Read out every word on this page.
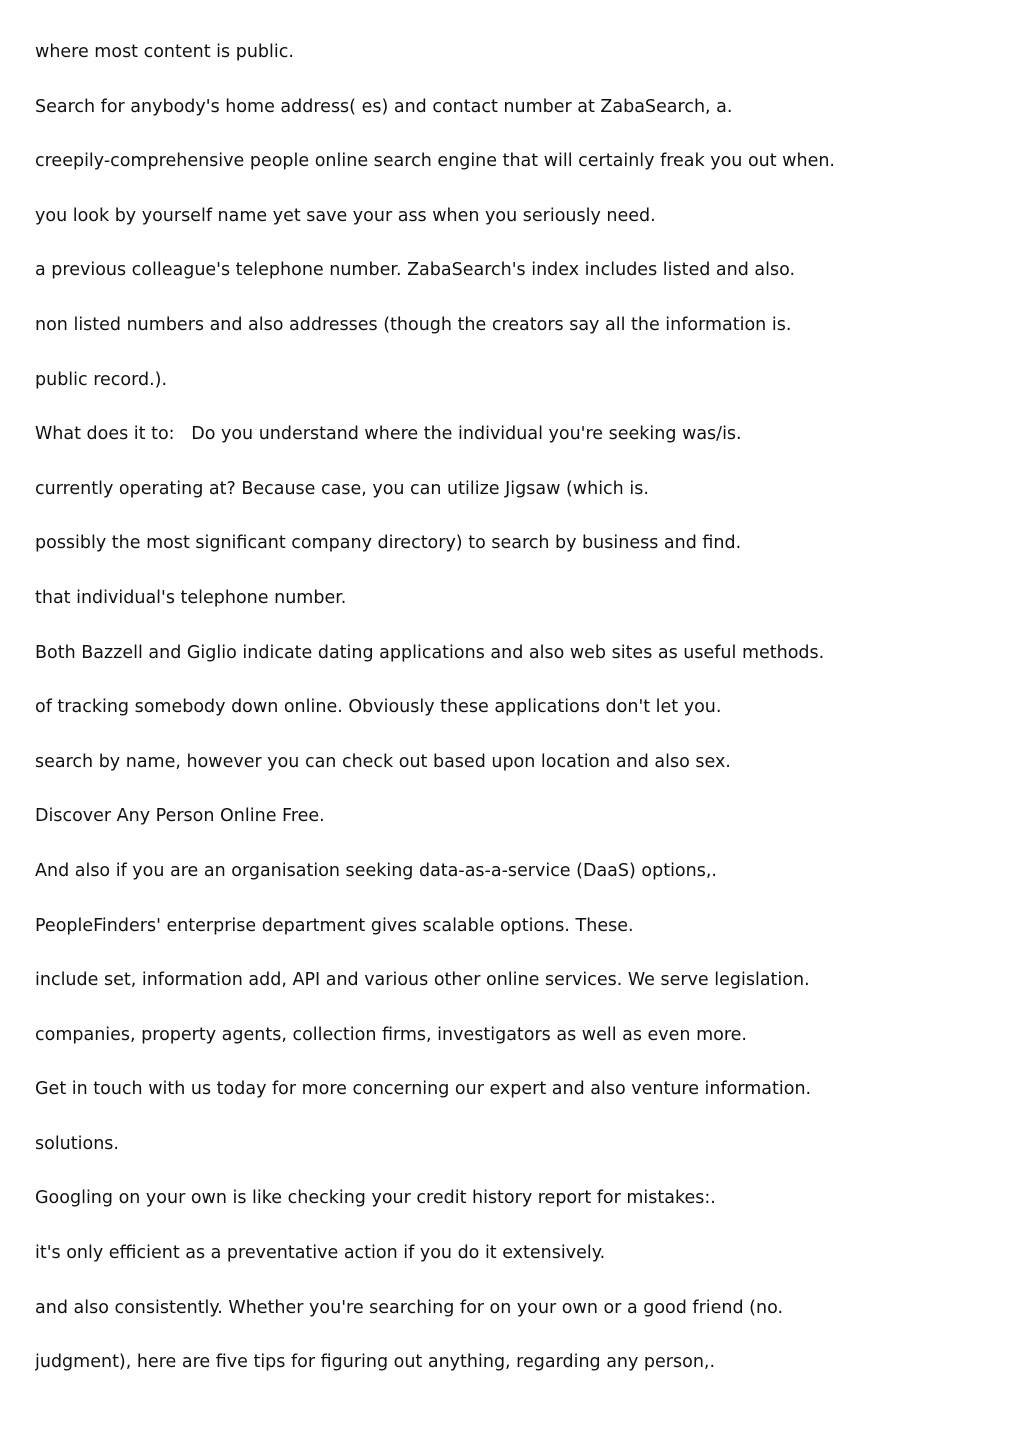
where most content is public.
Search for anybody's home address( es) and contact number at ZabaSearch, a.
creepily-comprehensive people online search engine that will certainly freak you out when.
you look by yourself name yet save your ass when you seriously need.
a previous colleague's telephone number. ZabaSearch's index includes listed and also.
non listed numbers and also addresses (though the creators say all the information is.
public record.).
What does it to:   Do you understand where the individual you're seeking was/is.
currently operating at? Because case, you can utilize Jigsaw (which is.
possibly the most significant company directory) to search by business and find.
that individual's telephone number.
Both Bazzell and Giglio indicate dating applications and also web sites as useful methods.
of tracking somebody down online. Obviously these applications don't let you.
search by name, however you can check out based upon location and also sex.
Discover Any Person Online Free.
And also if you are an organisation seeking data-as-a-service (DaaS) options,.
PeopleFinders' enterprise department gives scalable options. These.
include set, information add, API and various other online services. We serve legislation.
companies, property agents, collection firms, investigators as well as even more.
Get in touch with us today for more concerning our expert and also venture information.
solutions.
Googling on your own is like checking your credit history report for mistakes:.
it's only efficient as a preventative action if you do it extensively.
and also consistently. Whether you're searching for on your own or a good friend (no.
judgment), here are five tips for figuring out anything, regarding any person,.
